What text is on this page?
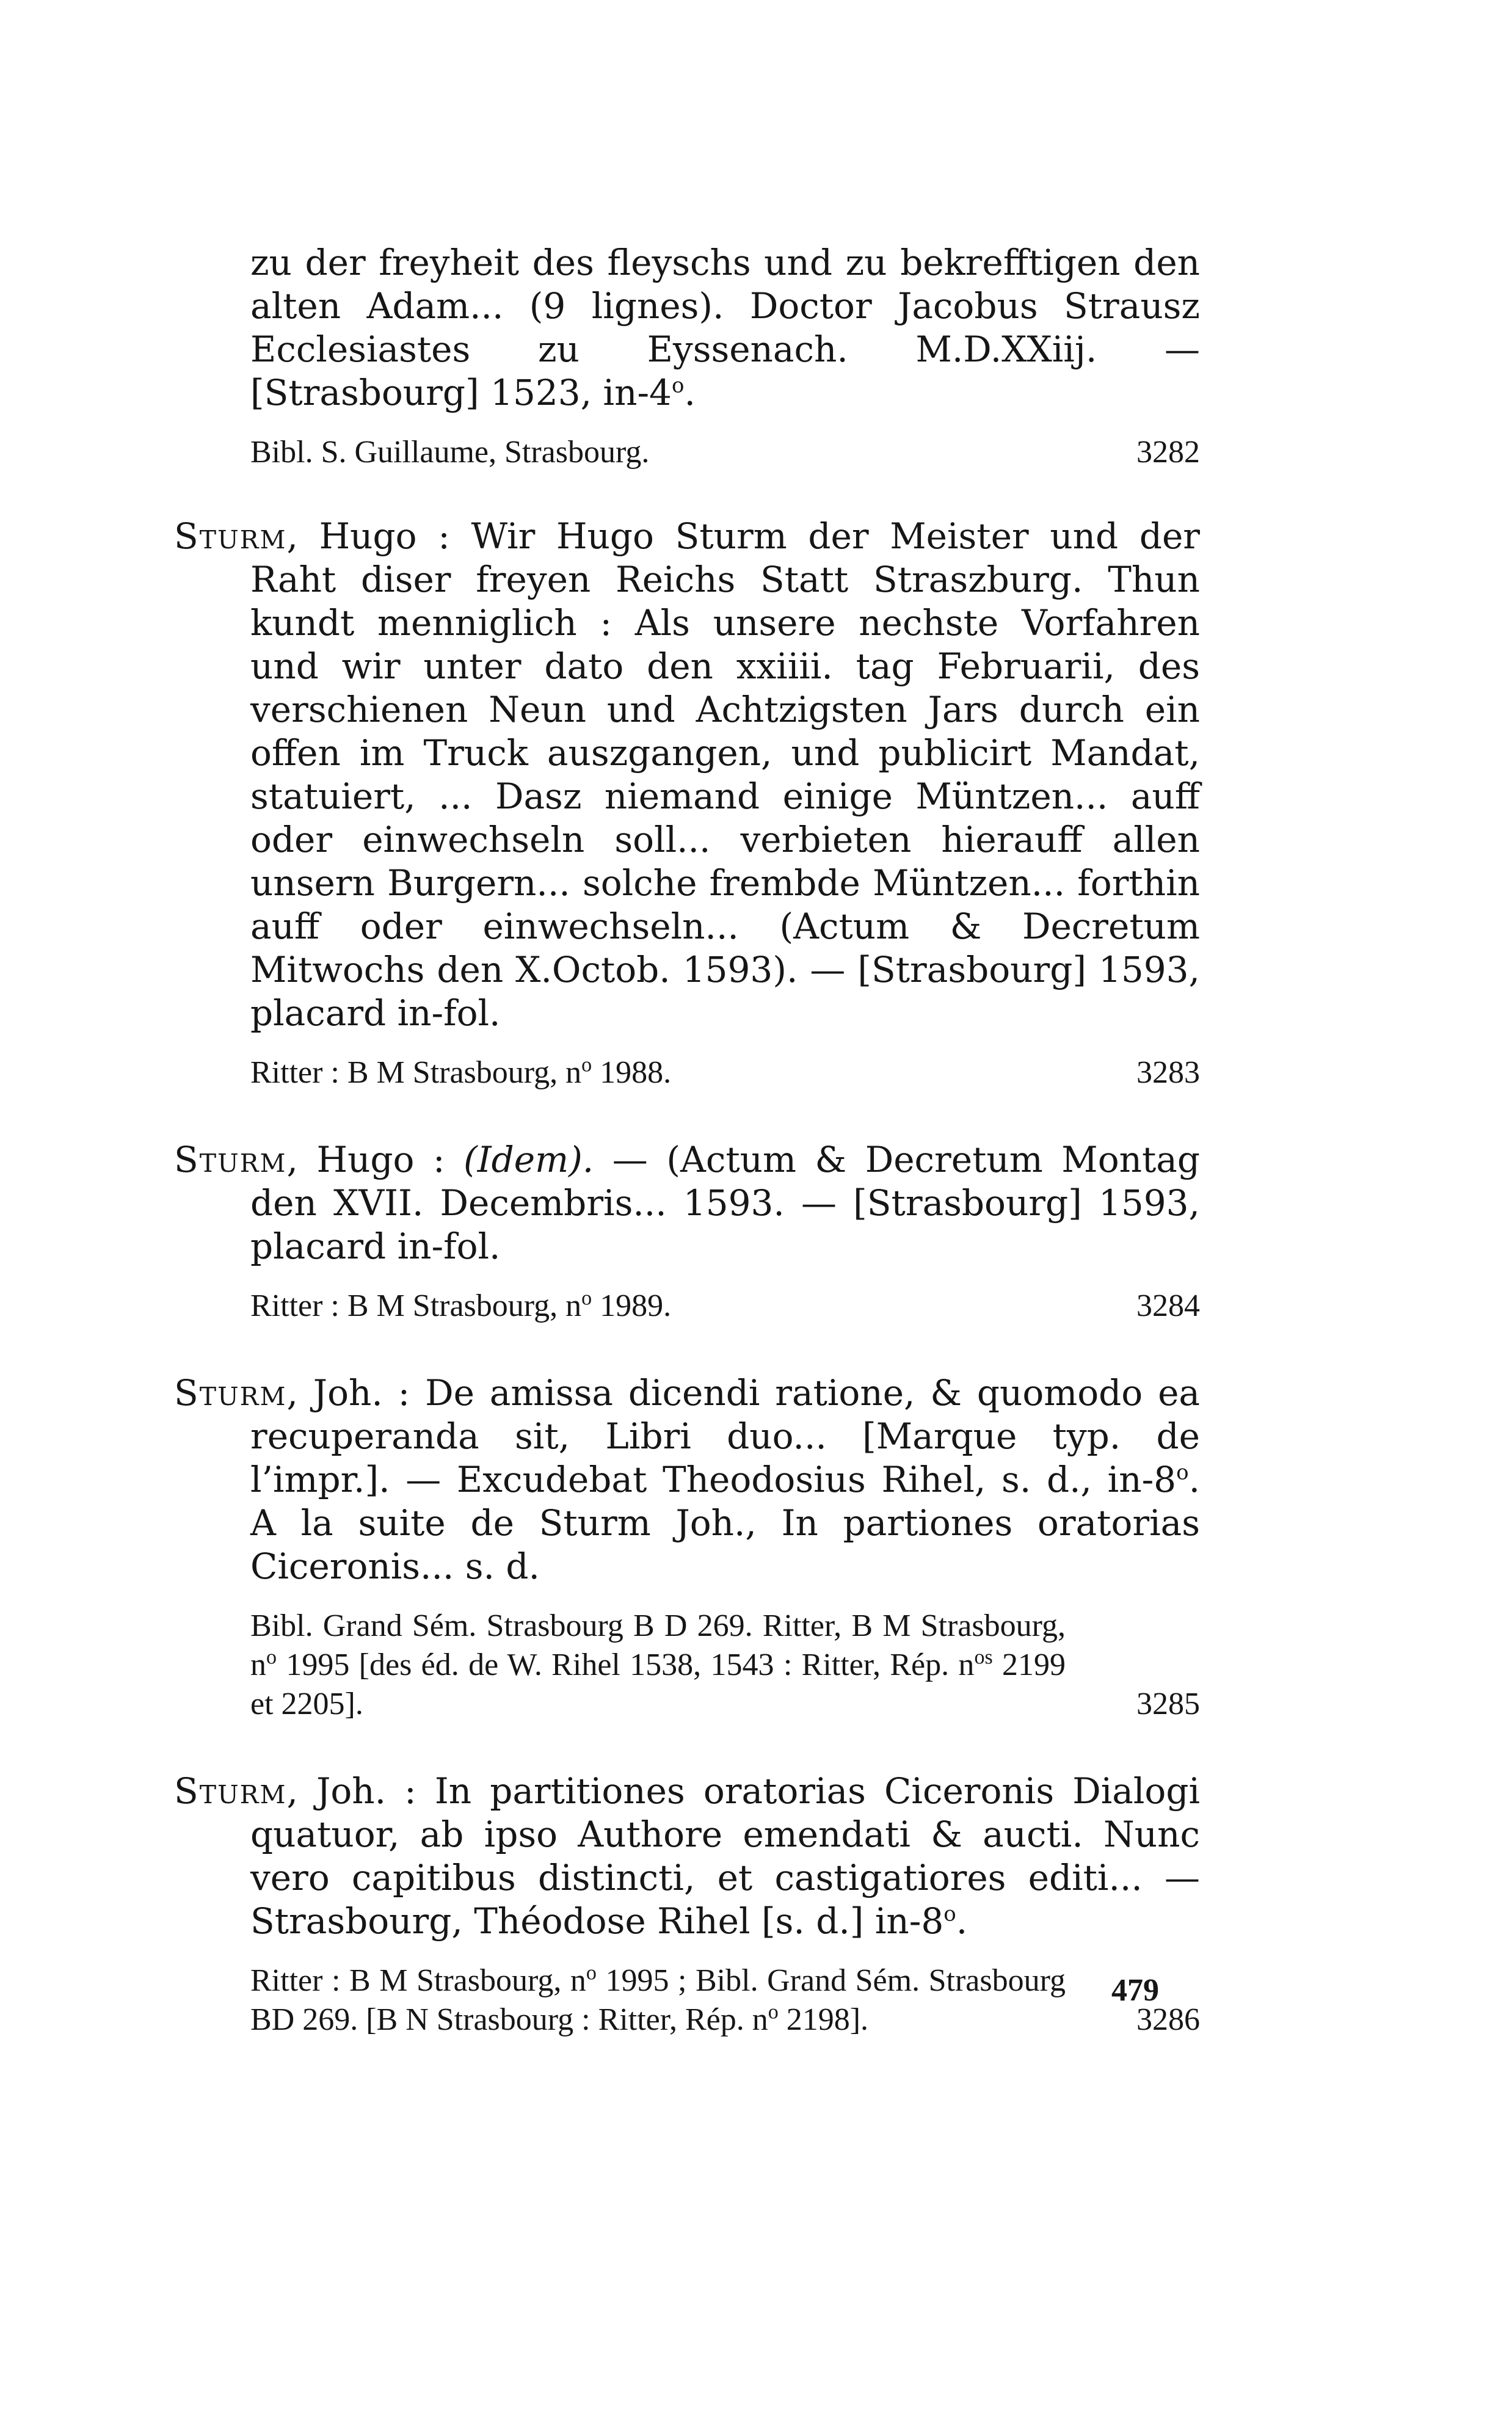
zu der freyheit des fleyschs und zu bekrefftigen den alten Adam... (9 lignes). Doctor Jacobus Strausz Ecclesiastes zu Eyssenach. M.D.XXiij. — [Strasbourg] 1523, in-4$^o$.
Bibl. S. Guillaume, Strasbourg.	3282
Sturm, Hugo : Wir Hugo Sturm der Meister und der Raht diser freyen Reichs Statt Straszburg. Thun kundt menniglich : Als unsere nechste Vorfahren und wir unter dato den xxiiii. tag Februarii, des verschienen Neun und Achtzigsten Jars durch ein offen im Truck auszgangen, und publicirt Mandat, statuiert, ... Dasz niemand einige Müntzen... auff oder einwechseln soll... verbieten hierauff allen unsern Burgern... solche frembde Müntzen... forthin auff oder einwechseln... (Actum & Decretum Mitwochs den X.Octob. 1593). — [Strasbourg] 1593, placard in-fol.
Ritter : B M Strasbourg, $n^o$ 1988.	3283
Sturm, Hugo : (Idem). — (Actum & Decretum Montag den XVII. Decembris... 1593. — [Strasbourg] 1593, placard in-fol.
Ritter : B M Strasbourg, $n^o$ 1989.	3284
Sturm, Joh. : De amissa dicendi ratione, & quomodo ea recuperanda sit, Libri duo... [Marque typ. de l’impr.]. — Excudebat Theodosius Rihel, s. d., in-8$^o$. A la suite de Sturm Joh., In partiones oratorias Ciceronis... s. d.
Bibl. Grand Sém. Strasbourg B D 269. Ritter, B M Strasbourg, $n^o$ 1995 [des éd. de W. Rihel 1538, 1543 : Ritter, Rép. $n^{os}$ 2199 et 2205].	3285
Sturm, Joh. : In partitiones oratorias Ciceronis Dialogi quatuor, ab ipso Authore emendati & aucti. Nunc vero capitibus distincti, et castigatiores editi... — Strasbourg, Théodose Rihel [s. d.] in-8$^o$.
Ritter : B M Strasbourg, $n^o$ 1995 ; Bibl. Grand Sém. Strasbourg BD 269. [B N Strasbourg : Ritter, Rép. $n^o$ 2198].	3286
479
